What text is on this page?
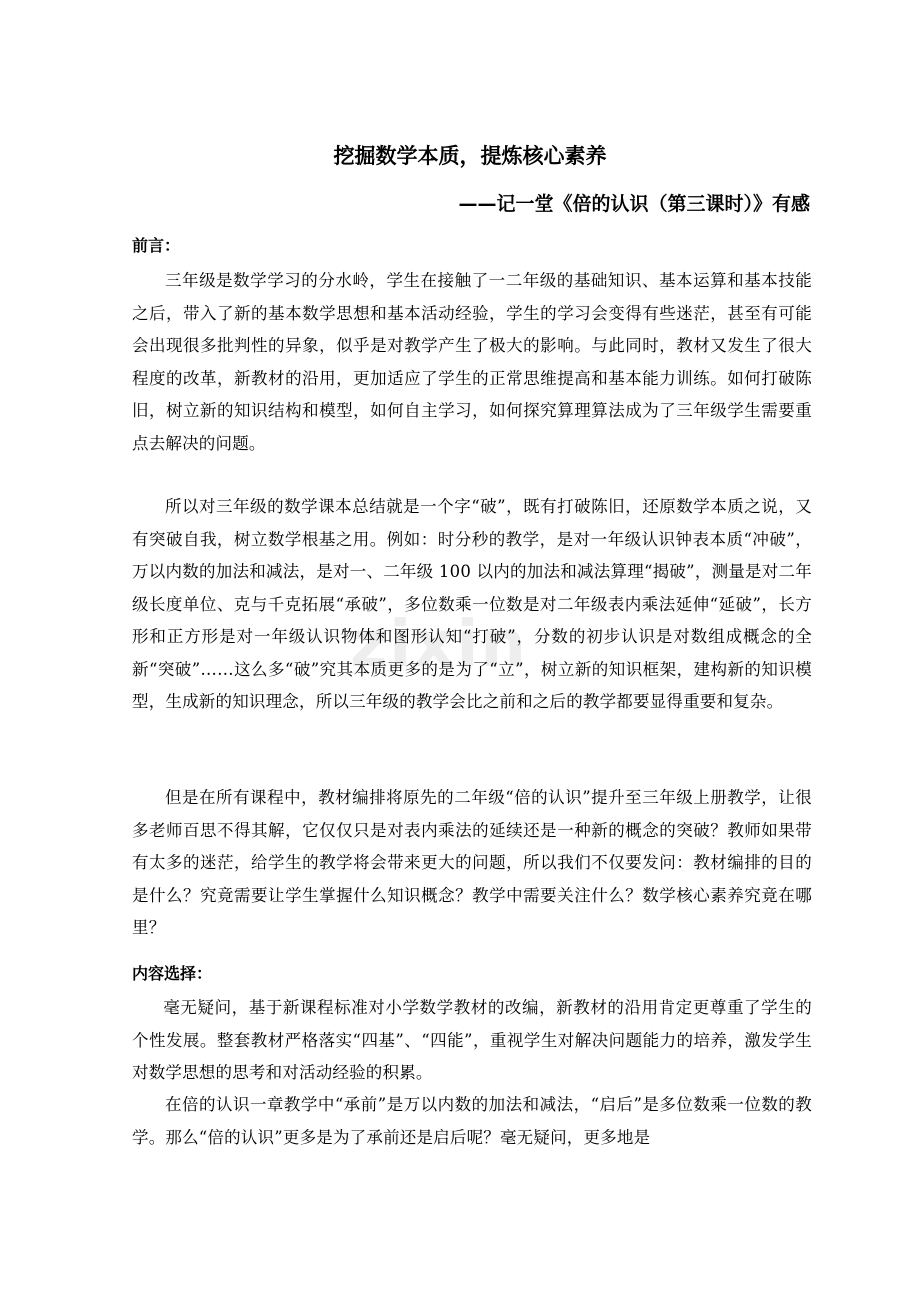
zixin
挖掘数学本质，提炼核心素养
——记一堂《倍的认识（第三课时）》有感
前言：

三年级是数学学习的分水岭，学生在接触了一二年级的基础知识、基本运算和基本技能之后，带入了新的基本数学思想和基本活动经验，学生的学习会变得有些迷茫，甚至有可能会出现很多批判性的异象，似乎是对教学产生了极大的影响。与此同时，教材又发生了很大程度的改革，新教材的沿用，更加适应了学生的正常思维提高和基本能力训练。如何打破陈旧，树立新的知识结构和模型，如何自主学习，如何探究算理算法成为了三年级学生需要重点去解决的问题。

所以对三年级的数学课本总结就是一个字“破”，既有打破陈旧，还原数学本质之说，又有突破自我，树立数学根基之用。例如：时分秒的教学，是对一年级认识钟表本质“冲破”，万以内数的加法和减法，是对一、二年级 100 以内的加法和减法算理“揭破”，测量是对二年级长度单位、克与千克拓展“承破”，多位数乘一位数是对二年级表内乘法延伸“延破”，长方形和正方形是对一年级认识物体和图形认知“打破”，分数的初步认识是对数组成概念的全新“突破”……这么多“破”究其本质更多的是为了“立”，树立新的知识框架，建构新的知识模型，生成新的知识理念，所以三年级的教学会比之前和之后的教学都要显得重要和复杂。

但是在所有课程中，教材编排将原先的二年级“倍的认识”提升至三年级上册教学，让很多老师百思不得其解，它仅仅只是对表内乘法的延续还是一种新的概念的突破？教师如果带有太多的迷茫，给学生的教学将会带来更大的问题，所以我们不仅要发问：教材编排的目的是什么？究竟需要让学生掌握什么知识概念？教学中需要关注什么？数学核心素养究竟在哪里？

内容选择：

毫无疑问，基于新课程标准对小学数学教材的改编，新教材的沿用肯定更尊重了学生的个性发展。整套教材严格落实“四基”、“四能”，重视学生对解决问题能力的培养，激发学生对数学思想的思考和对活动经验的积累。

在倍的认识一章教学中“承前”是万以内数的加法和减法，“启后”是多位数乘一位数的教学。那么“倍的认识”更多是为了承前还是启后呢？毫无疑问，更多地是
